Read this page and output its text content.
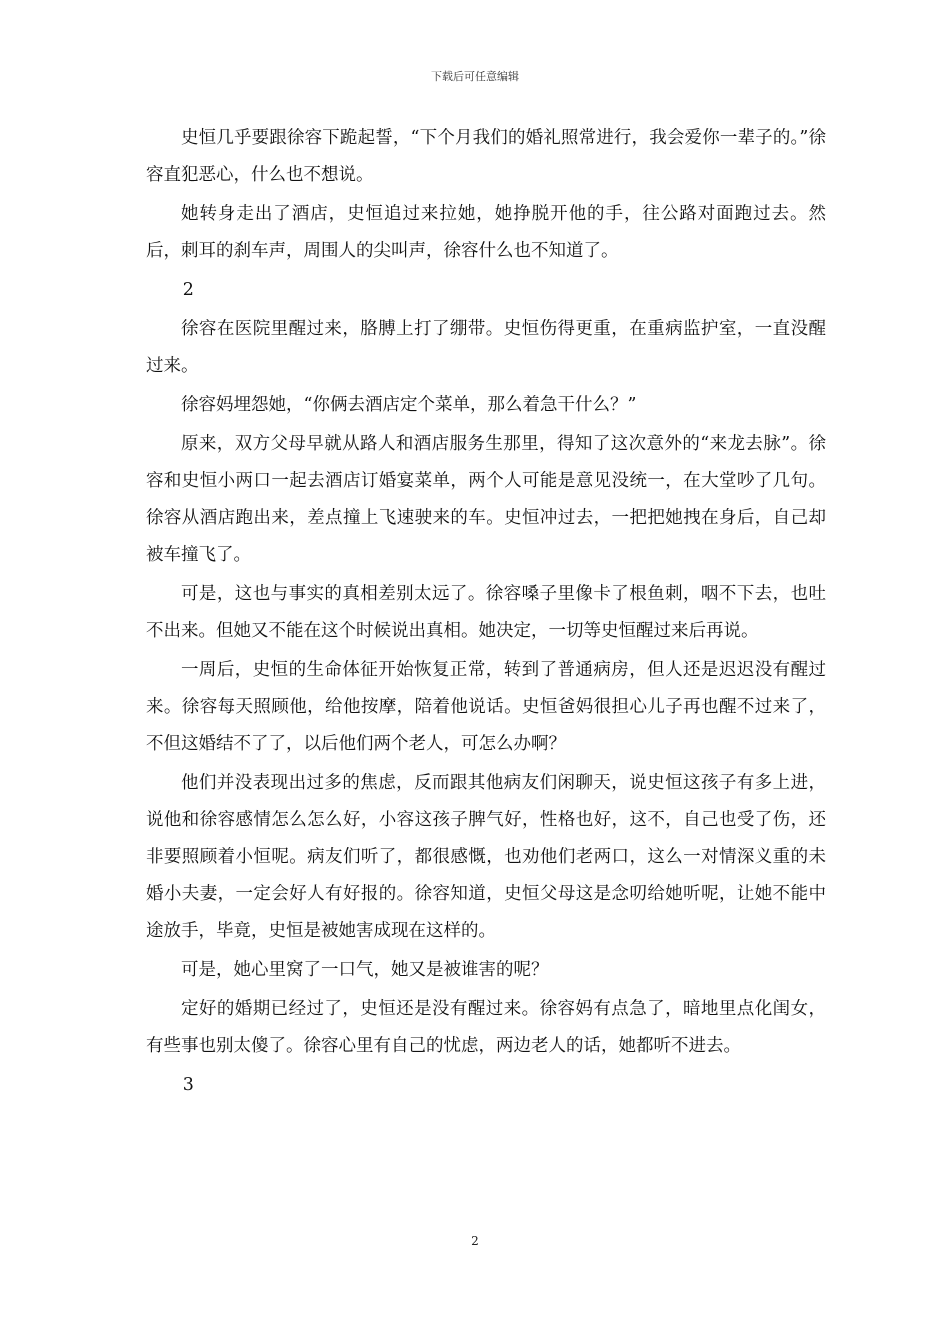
下载后可任意编辑

史恒几乎要跟徐容下跪起誓，“下个月我们的婚礼照常进行，我会爱你一辈子的。”徐容直犯恶心，什么也不想说。

她转身走出了酒店，史恒追过来拉她，她挣脱开他的手，往公路对面跑过去。然后，刺耳的刹车声，周围人的尖叫声，徐容什么也不知道了。

2

徐容在医院里醒过来，胳膊上打了绷带。史恒伤得更重，在重病监护室，一直没醒过来。

徐容妈埋怨她，“你俩去酒店定个菜单，那么着急干什么？”

原来，双方父母早就从路人和酒店服务生那里，得知了这次意外的“来龙去脉”。徐容和史恒小两口一起去酒店订婚宴菜单，两个人可能是意见没统一，在大堂吵了几句。徐容从酒店跑出来，差点撞上飞速驶来的车。史恒冲过去，一把把她拽在身后，自己却被车撞飞了。

可是，这也与事实的真相差别太远了。徐容嗓子里像卡了根鱼刺，咽不下去，也吐不出来。但她又不能在这个时候说出真相。她决定，一切等史恒醒过来后再说。

一周后，史恒的生命体征开始恢复正常，转到了普通病房，但人还是迟迟没有醒过来。徐容每天照顾他，给他按摩，陪着他说话。史恒爸妈很担心儿子再也醒不过来了，不但这婚结不了了，以后他们两个老人，可怎么办啊？

他们并没表现出过多的焦虑，反而跟其他病友们闲聊天，说史恒这孩子有多上进，说他和徐容感情怎么怎么好，小容这孩子脾气好，性格也好，这不，自己也受了伤，还非要照顾着小恒呢。病友们听了，都很感慨，也劝他们老两口，这么一对情深义重的未婚小夫妻，一定会好人有好报的。徐容知道，史恒父母这是念叨给她听呢，让她不能中途放手，毕竟，史恒是被她害成现在这样的。

可是，她心里窝了一口气，她又是被谁害的呢？

定好的婚期已经过了，史恒还是没有醒过来。徐容妈有点急了，暗地里点化闺女，有些事也别太傻了。徐容心里有自己的忧虑，两边老人的话，她都听不进去。

3

2
